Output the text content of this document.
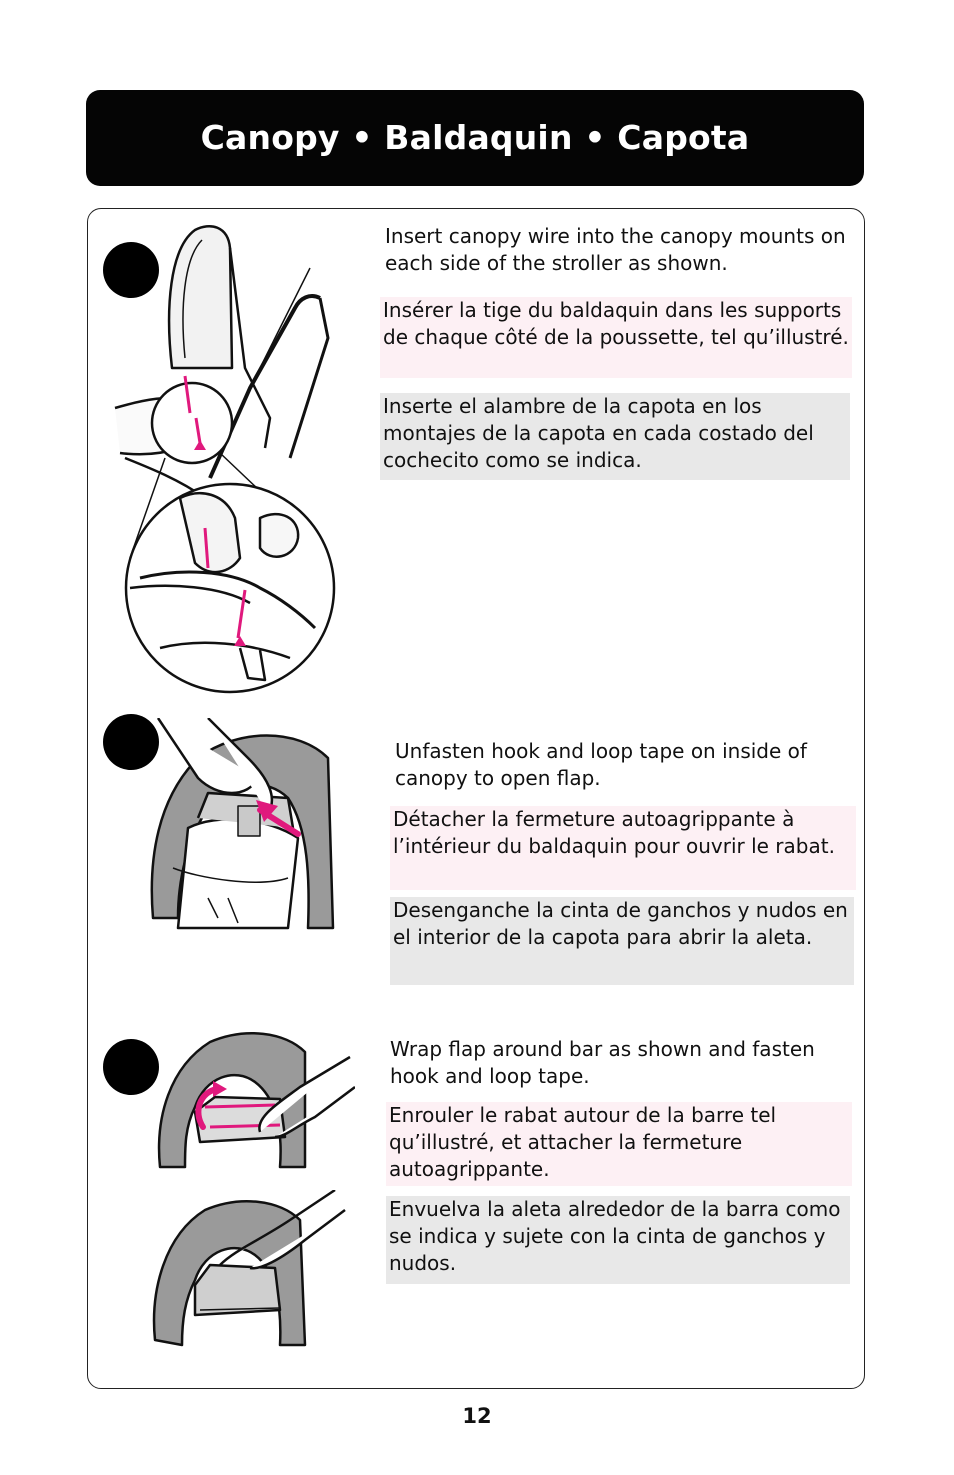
Canopy • Baldaquin • Capota
Insert canopy wire into the canopy mounts on each side of the stroller as shown.
Insérer la tige du baldaquin dans les supports de chaque côté de la poussette, tel qu’illustré.
Inserte el alambre de la capota en los montajes de la capota en cada costado del cochecito como se indica.
Unfasten hook and loop tape on inside of canopy to open flap.
Détacher la fermeture autoagrippante à l’intérieur du baldaquin pour ouvrir le rabat.
Desenganche la cinta de ganchos y nudos en el interior de la capota para abrir la aleta.
Wrap flap around bar as shown and fasten hook and loop tape.
Enrouler le rabat autour de la barre tel qu’illustré, et attacher la fermeture autoagrippante.
Envuelva la aleta alrededor de la barra como se indica y sujete con la cinta de ganchos y nudos.
12
